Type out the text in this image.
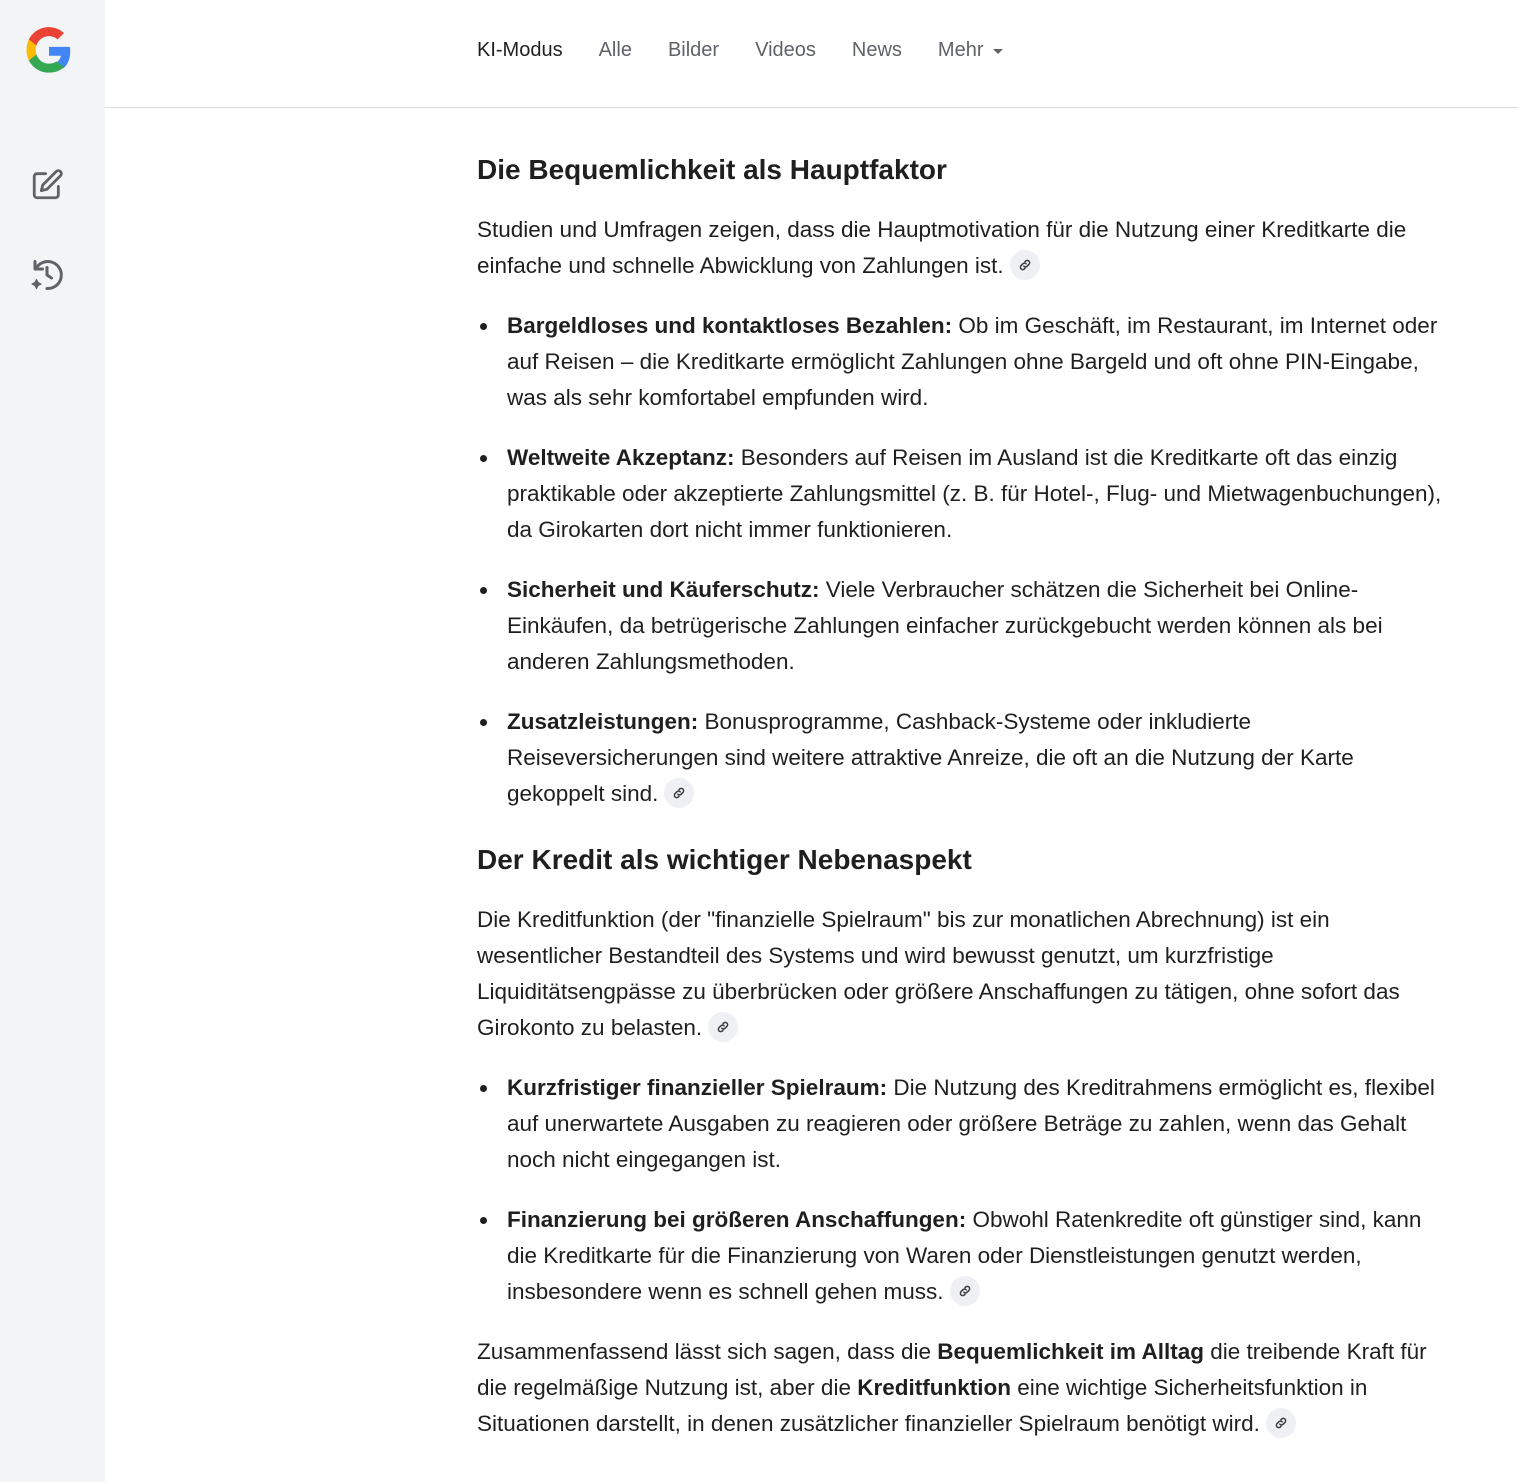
KI-Modus Alle Bilder Videos News Mehr
Die Bequemlichkeit als Hauptfaktor

Studien und Umfragen zeigen, dass die Hauptmotivation für die Nutzung einer Kreditkarte die einfache und schnelle Abwicklung von Zahlungen ist.

Bargeldloses und kontaktloses Bezahlen: Ob im Geschäft, im Restaurant, im Internet oder auf Reisen – die Kreditkarte ermöglicht Zahlungen ohne Bargeld und oft ohne PIN-Eingabe, was als sehr komfortabel empfunden wird.
Weltweite Akzeptanz: Besonders auf Reisen im Ausland ist die Kreditkarte oft das einzig praktikable oder akzeptierte Zahlungsmittel (z. B. für Hotel-, Flug- und Mietwagenbuchungen), da Girokarten dort nicht immer funktionieren.
Sicherheit und Käuferschutz: Viele Verbraucher schätzen die Sicherheit bei Online-Einkäufen, da betrügerische Zahlungen einfacher zurückgebucht werden können als bei anderen Zahlungsmethoden.
Zusatzleistungen: Bonusprogramme, Cashback-Systeme oder inkludierte Reiseversicherungen sind weitere attraktive Anreize, die oft an die Nutzung der Karte gekoppelt sind.
Der Kredit als wichtiger Nebenaspekt

Die Kreditfunktion (der "finanzielle Spielraum" bis zur monatlichen Abrechnung) ist ein wesentlicher Bestandteil des Systems und wird bewusst genutzt, um kurzfristige Liquiditätsengpässe zu überbrücken oder größere Anschaffungen zu tätigen, ohne sofort das Girokonto zu belasten.

Kurzfristiger finanzieller Spielraum: Die Nutzung des Kreditrahmens ermöglicht es, flexibel auf unerwartete Ausgaben zu reagieren oder größere Beträge zu zahlen, wenn das Gehalt noch nicht eingegangen ist.
Finanzierung bei größeren Anschaffungen: Obwohl Ratenkredite oft günstiger sind, kann die Kreditkarte für die Finanzierung von Waren oder Dienstleistungen genutzt werden, insbesondere wenn es schnell gehen muss.

Zusammenfassend lässt sich sagen, dass die Bequemlichkeit im Alltag die treibende Kraft für die regelmäßige Nutzung ist, aber die Kreditfunktion eine wichtige Sicherheitsfunktion in Situationen darstellt, in denen zusätzlicher finanzieller Spielraum benötigt wird.
